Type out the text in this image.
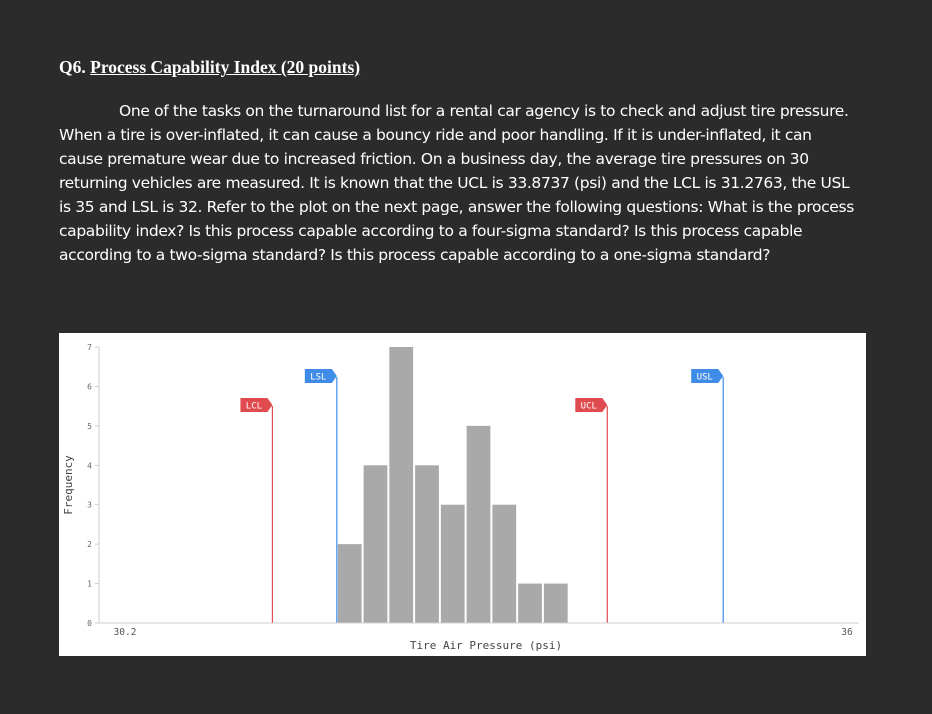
Q6. Process Capability Index (20 points)

One of the tasks on the turnaround list for a rental car agency is to check and adjust tire pressure. When a tire is over-inflated, it can cause a bouncy ride and poor handling. If it is under-inflated, it can cause premature wear due to increased friction. On a business day, the average tire pressures on 30 returning vehicles are measured. It is known that the UCL is 33.8737 (psi) and the LCL is 31.2763, the USL is 35 and LSL is 32. Refer to the plot on the next page, answer the following questions: What is the process capability index? Is this process capable according to a four-sigma standard? Is this process capable according to a two-sigma standard? Is this process capable according to a one-sigma standard?

0
1
2
3
4
5
6
7
LCL
LSL
UCL
USL
30.2	36
Tire Air Pressure (psi)
Frequency
